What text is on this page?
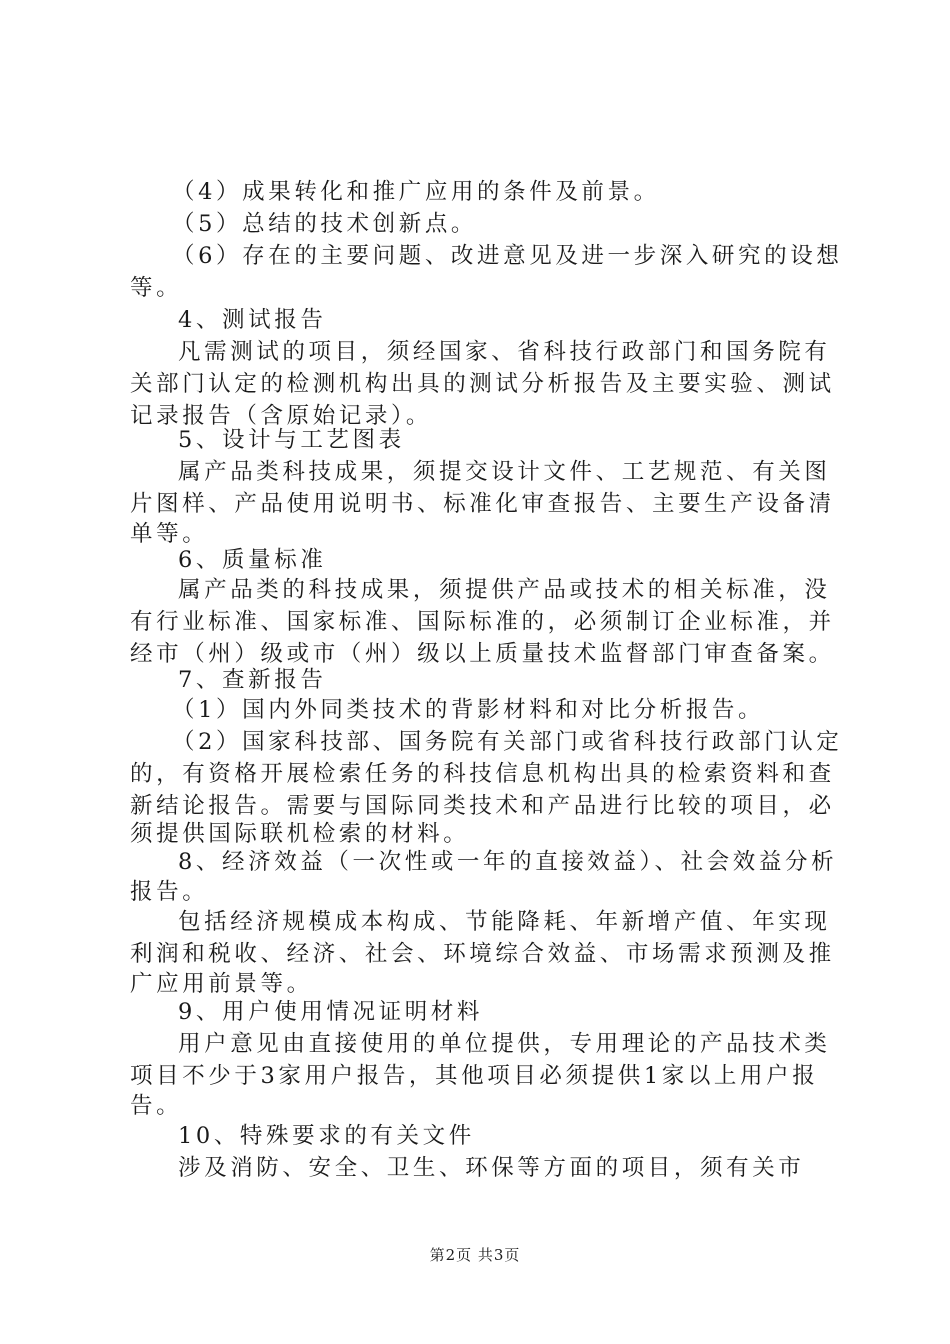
（4）成果转化和推广应用的条件及前景。
（5）总结的技术创新点。
（6）存在的主要问题、改进意见及进一步深入研究的设想
等。
4、测试报告
凡需测试的项目，须经国家、省科技行政部门和国务院有
关部门认定的检测机构出具的测试分析报告及主要实验、测试
记录报告（含原始记录）。
5、设计与工艺图表
属产品类科技成果，须提交设计文件、工艺规范、有关图
片图样、产品使用说明书、标准化审查报告、主要生产设备清
单等。
6、质量标准
属产品类的科技成果，须提供产品或技术的相关标准，没
有行业标准、国家标准、国际标准的，必须制订企业标准，并
经市（州）级或市（州）级以上质量技术监督部门审查备案。
7、查新报告
（1）国内外同类技术的背影材料和对比分析报告。
（2）国家科技部、国务院有关部门或省科技行政部门认定
的，有资格开展检索任务的科技信息机构出具的检索资料和查
新结论报告。需要与国际同类技术和产品进行比较的项目，必
须提供国际联机检索的材料。
8、经济效益（一次性或一年的直接效益）、社会效益分析
报告。
包括经济规模成本构成、节能降耗、年新增产值、年实现
利润和税收、经济、社会、环境综合效益、市场需求预测及推
广应用前景等。
9、用户使用情况证明材料
用户意见由直接使用的单位提供，专用理论的产品技术类
项目不少于3家用户报告，其他项目必须提供1家以上用户报
告。
10、特殊要求的有关文件
涉及消防、安全、卫生、环保等方面的项目，须有关市
第2页 共3页
